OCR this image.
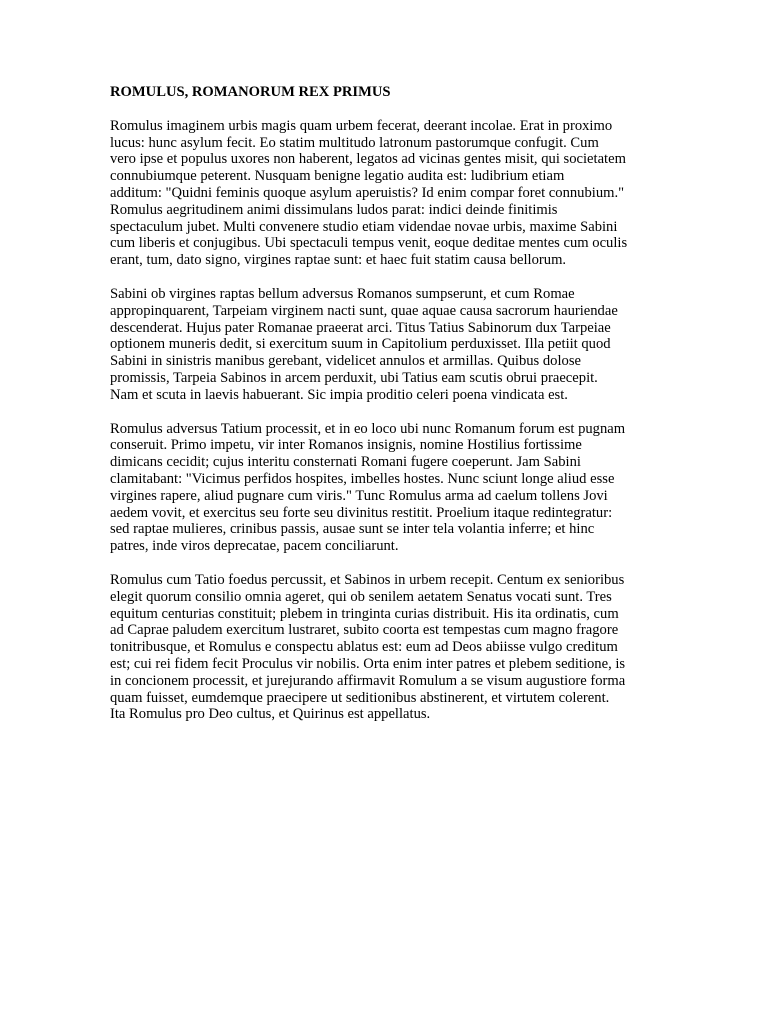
ROMULUS, ROMANORUM REX PRIMUS
Romulus imaginem urbis magis quam urbem fecerat, deerant incolae. Erat in proximo
lucus: hunc asylum fecit. Eo statim multitudo latronum pastorumque confugit. Cum
vero ipse et populus uxores non haberent, legatos ad vicinas gentes misit, qui societatem
connubiumque peterent. Nusquam benigne legatio audita est: ludibrium etiam
additum: "Quidni feminis quoque asylum aperuistis? Id enim compar foret connubium."
Romulus aegritudinem animi dissimulans ludos parat: indici deinde finitimis
spectaculum jubet. Multi convenere studio etiam videndae novae urbis, maxime Sabini
cum liberis et conjugibus. Ubi spectaculi tempus venit, eoque deditae mentes cum oculis
erant, tum, dato signo, virgines raptae sunt: et haec fuit statim causa bellorum.
Sabini ob virgines raptas bellum adversus Romanos sumpserunt, et cum Romae
appropinquarent, Tarpeiam virginem nacti sunt, quae aquae causa sacrorum hauriendae
descenderat. Hujus pater Romanae praeerat arci. Titus Tatius Sabinorum dux Tarpeiae
optionem muneris dedit, si exercitum suum in Capitolium perduxisset. Illa petiit quod
Sabini in sinistris manibus gerebant, videlicet annulos et armillas. Quibus dolose
promissis, Tarpeia Sabinos in arcem perduxit, ubi Tatius eam scutis obrui praecepit.
Nam et scuta in laevis habuerant. Sic impia proditio celeri poena vindicata est.
Romulus adversus Tatium processit, et in eo loco ubi nunc Romanum forum est pugnam
conseruit. Primo impetu, vir inter Romanos insignis, nomine Hostilius fortissime
dimicans cecidit; cujus interitu consternati Romani fugere coeperunt. Jam Sabini
clamitabant: "Vicimus perfidos hospites, imbelles hostes. Nunc sciunt longe aliud esse
virgines rapere, aliud pugnare cum viris." Tunc Romulus arma ad caelum tollens Jovi
aedem vovit, et exercitus seu forte seu divinitus restitit. Proelium itaque redintegratur:
sed raptae mulieres, crinibus passis, ausae sunt se inter tela volantia inferre; et hinc
patres, inde viros deprecatae, pacem conciliarunt.
Romulus cum Tatio foedus percussit, et Sabinos in urbem recepit. Centum ex senioribus
elegit quorum consilio omnia ageret, qui ob senilem aetatem Senatus vocati sunt. Tres
equitum centurias constituit; plebem in tringinta curias distribuit. His ita ordinatis, cum
ad Caprae paludem exercitum lustraret, subito coorta est tempestas cum magno fragore
tonitribusque, et Romulus e conspectu ablatus est: eum ad Deos abiisse vulgo creditum
est; cui rei fidem fecit Proculus vir nobilis. Orta enim inter patres et plebem seditione, is
in concionem processit, et jurejurando affirmavit Romulum a se visum augustiore forma
quam fuisset, eumdemque praecipere ut seditionibus abstinerent, et virtutem colerent.
Ita Romulus pro Deo cultus, et Quirinus est appellatus.
